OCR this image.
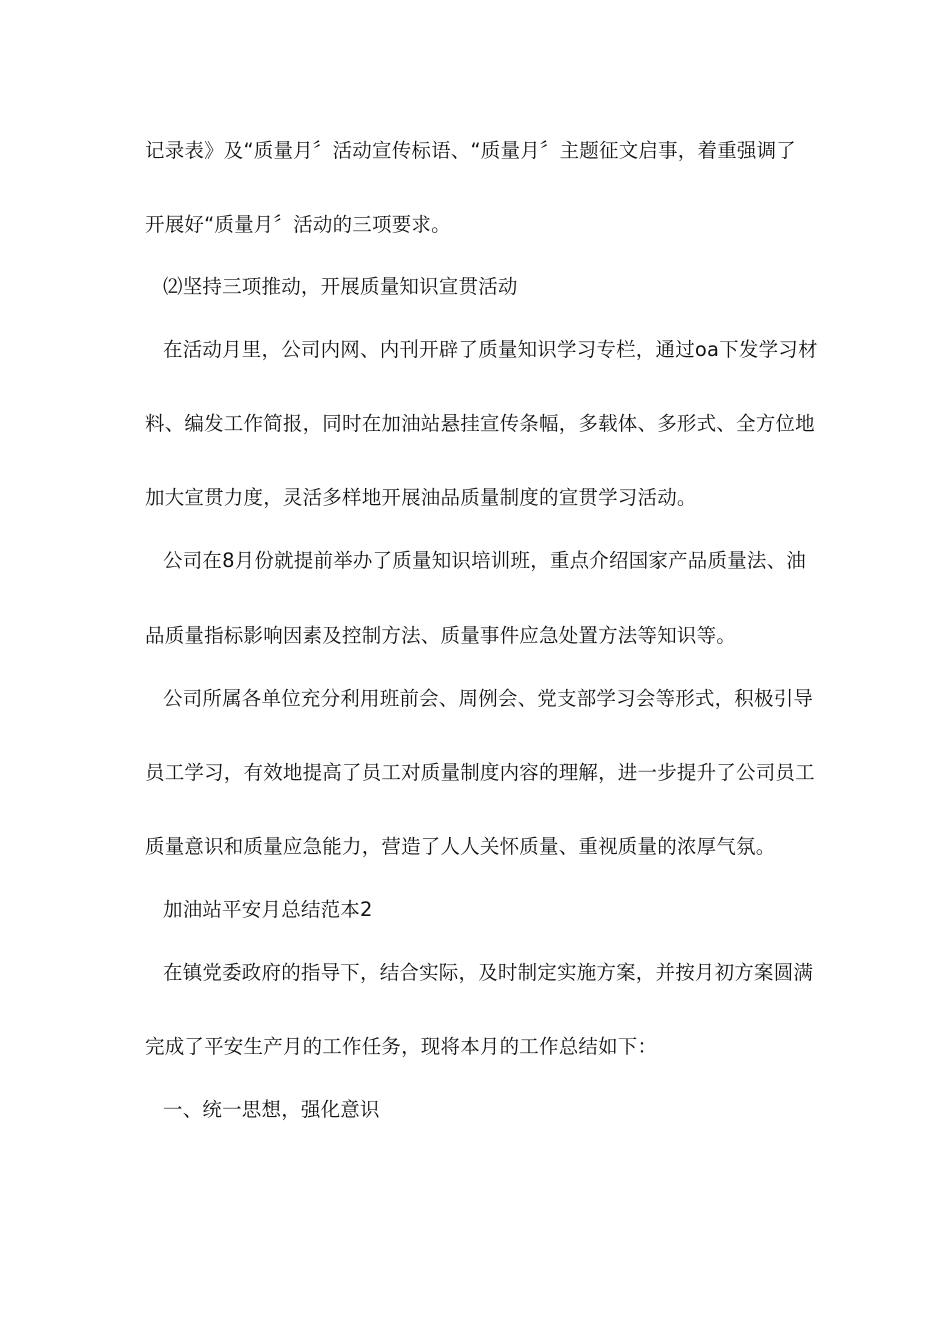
记录表》及“质量月〞活动宣传标语、“质量月〞主题征文启事，着重强调了
开展好“质量月〞活动的三项要求。
⑵坚持三项推动，开展质量知识宣贯活动
在活动月里，公司内网、内刊开辟了质量知识学习专栏，通过oa下发学习材
料、编发工作简报，同时在加油站悬挂宣传条幅，多载体、多形式、全方位地
加大宣贯力度，灵活多样地开展油品质量制度的宣贯学习活动。
公司在8月份就提前举办了质量知识培训班，重点介绍国家产品质量法、油
品质量指标影响因素及控制方法、质量事件应急处置方法等知识等。
公司所属各单位充分利用班前会、周例会、党支部学习会等形式，积极引导
员工学习，有效地提高了员工对质量制度内容的理解，进一步提升了公司员工
质量意识和质量应急能力，营造了人人关怀质量、重视质量的浓厚气氛。
加油站平安月总结范本2
在镇党委政府的指导下，结合实际，及时制定实施方案，并按月初方案圆满
完成了平安生产月的工作任务，现将本月的工作总结如下：
一、统一思想，强化意识
